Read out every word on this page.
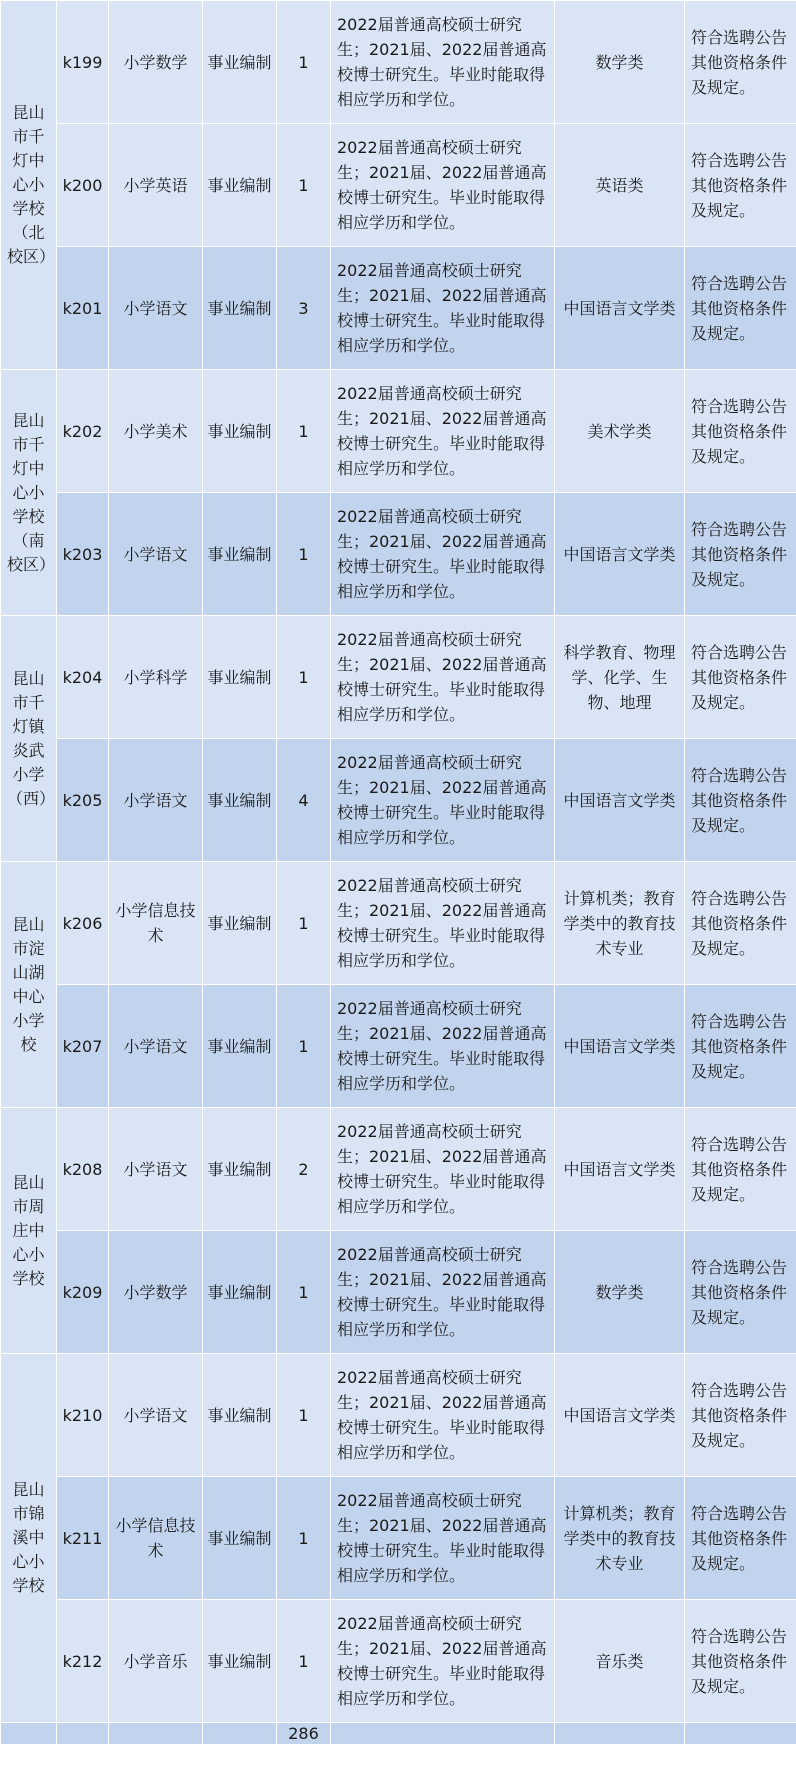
昆山市千灯中心小学校（北校区）	k199	小学数学	事业编制	1	2022届普通高校硕士研究生；2021届、2022届普通高校博士研究生。毕业时能取得相应学历和学位。	数学类	符合选聘公告其他资格条件及规定。
	k200	小学英语	事业编制	1	2022届普通高校硕士研究生；2021届、2022届普通高校博士研究生。毕业时能取得相应学历和学位。	英语类	符合选聘公告其他资格条件及规定。
	k201	小学语文	事业编制	3	2022届普通高校硕士研究生；2021届、2022届普通高校博士研究生。毕业时能取得相应学历和学位。	中国语言文学类	符合选聘公告其他资格条件及规定。
昆山市千灯中心小学校（南校区）	k202	小学美术	事业编制	1	2022届普通高校硕士研究生；2021届、2022届普通高校博士研究生。毕业时能取得相应学历和学位。	美术学类	符合选聘公告其他资格条件及规定。
	k203	小学语文	事业编制	1	2022届普通高校硕士研究生；2021届、2022届普通高校博士研究生。毕业时能取得相应学历和学位。	中国语言文学类	符合选聘公告其他资格条件及规定。
昆山市千灯镇炎武小学（西）	k204	小学科学	事业编制	1	2022届普通高校硕士研究生；2021届、2022届普通高校博士研究生。毕业时能取得相应学历和学位。	科学教育、物理学、化学、生物、地理	符合选聘公告其他资格条件及规定。
	k205	小学语文	事业编制	4	2022届普通高校硕士研究生；2021届、2022届普通高校博士研究生。毕业时能取得相应学历和学位。	中国语言文学类	符合选聘公告其他资格条件及规定。
昆山市淀山湖中心小学校	k206	小学信息技术	事业编制	1	2022届普通高校硕士研究生；2021届、2022届普通高校博士研究生。毕业时能取得相应学历和学位。	计算机类；教育学类中的教育技术专业	符合选聘公告其他资格条件及规定。
	k207	小学语文	事业编制	1	2022届普通高校硕士研究生；2021届、2022届普通高校博士研究生。毕业时能取得相应学历和学位。	中国语言文学类	符合选聘公告其他资格条件及规定。
昆山市周庄中心小学校	k208	小学语文	事业编制	2	2022届普通高校硕士研究生；2021届、2022届普通高校博士研究生。毕业时能取得相应学历和学位。	中国语言文学类	符合选聘公告其他资格条件及规定。
	k209	小学数学	事业编制	1	2022届普通高校硕士研究生；2021届、2022届普通高校博士研究生。毕业时能取得相应学历和学位。	数学类	符合选聘公告其他资格条件及规定。
昆山市锦溪中心小学校	k210	小学语文	事业编制	1	2022届普通高校硕士研究生；2021届、2022届普通高校博士研究生。毕业时能取得相应学历和学位。	中国语言文学类	符合选聘公告其他资格条件及规定。
	k211	小学信息技术	事业编制	1	2022届普通高校硕士研究生；2021届、2022届普通高校博士研究生。毕业时能取得相应学历和学位。	计算机类；教育学类中的教育技术专业	符合选聘公告其他资格条件及规定。
	k212	小学音乐	事业编制	1	2022届普通高校硕士研究生；2021届、2022届普通高校博士研究生。毕业时能取得相应学历和学位。	音乐类	符合选聘公告其他资格条件及规定。
				286			
